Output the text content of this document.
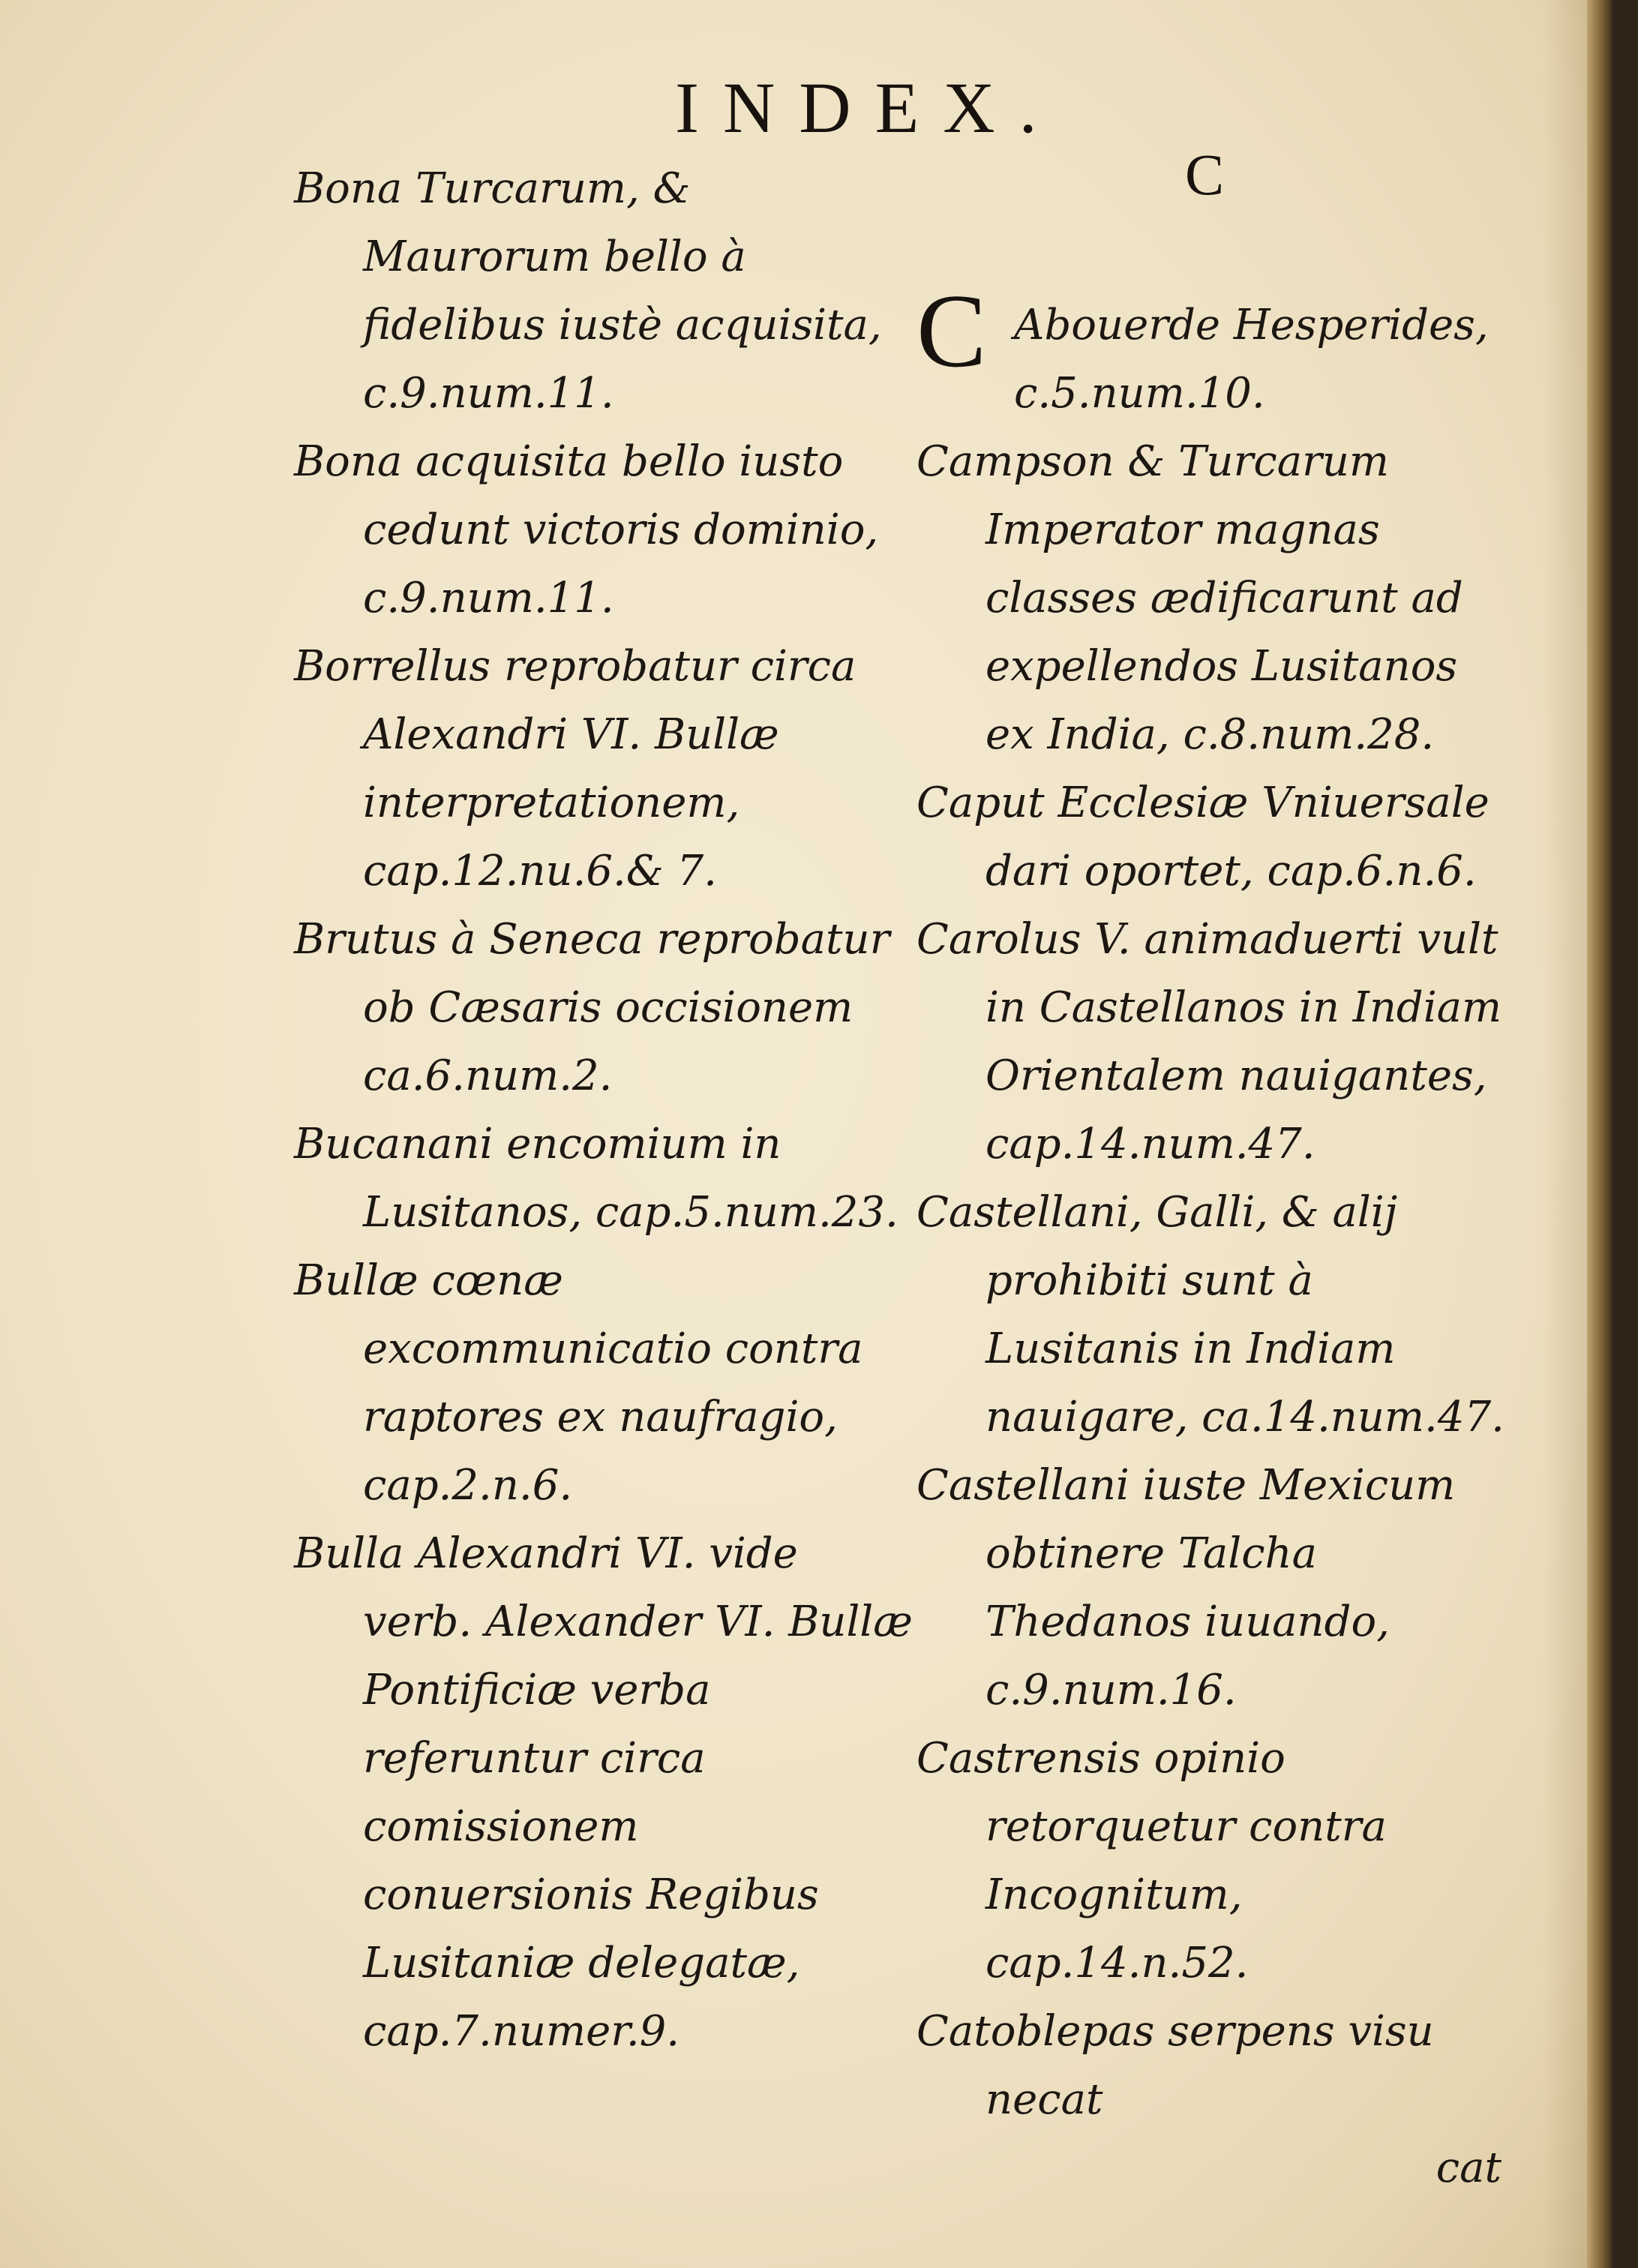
INDEX.
C

Bona Turcarum, & Maurorum bello à fidelibus iustè acquisita, c.9.num.11.

Bona acquisita bello iusto cedunt victoris dominio, c.9.num.11.

Borrellus reprobatur circa Alexandri VI. Bullæ interpretationem, cap.12.nu.6.& 7.

Brutus à Seneca reprobatur ob Cæsaris occisionem ca.6.num.2.

Bucanani encomium in Lusitanos, cap.5.num.23.

Bullæ cœnæ excommunicatio contra raptores ex naufragio, cap.2.n.6.

Bulla Alexandri VI. vide verb. Alexander VI. Bullæ Pontificiæ verba referuntur circa comissionem conuersionis Regibus Lusitaniæ delegatæ, cap.7.numer.9.

C Abouerde Hesperides, c.5.num.10.

Campson & Turcarum Imperator magnas classes ædificarunt ad expellendos Lusitanos ex India, c.8.num.28.

Caput Ecclesiæ Vniuersale dari oportet, cap.6.n.6.

Carolus V. animaduerti vult in Castellanos in Indiam Orientalem nauigantes, cap.14.num.47.

Castellani, Galli, & alij prohibiti sunt à Lusitanis in Indiam nauigare, ca.14.num.47.

Castellani iuste Mexicum obtinere Talcha Thedanos iuuando, c.9.num.16.

Castrensis opinio retorquetur contra Incognitum, cap.14.n.52.

Catoblepas serpens visu necat

cat
